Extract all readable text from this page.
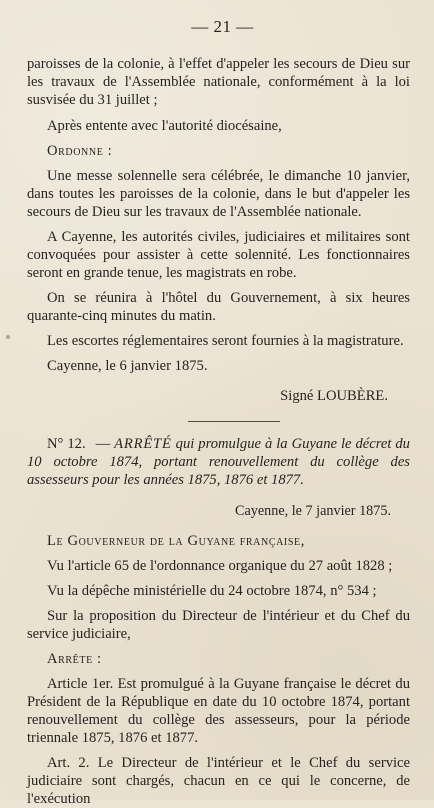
— 21 —

paroisses de la colonie, à l'effet d'appeler les secours de Dieu sur les travaux de l'Assemblée nationale, conformément à la loi susvisée du 31 juillet ;

Après entente avec l'autorité diocésaine,

Ordonne :

Une messe solennelle sera célébrée, le dimanche 10 janvier, dans toutes les paroisses de la colonie, dans le but d'appeler les secours de Dieu sur les travaux de l'Assemblée nationale.

A Cayenne, les autorités civiles, judiciaires et militaires sont convoquées pour assister à cette solennité. Les fonctionnaires seront en grande tenue, les magistrats en robe.

On se réunira à l'hôtel du Gouvernement, à six heures quarante-cinq minutes du matin.

Les escortes réglementaires seront fournies à la magistrature.

Cayenne, le 6 janvier 1875.

Signé LOUBÈRE.

N° 12. — ARRÊTÉ qui promulgue à la Guyane le décret du 10 octobre 1874, portant renouvellement du collège des assesseurs pour les années 1875, 1876 et 1877.

Cayenne, le 7 janvier 1875.

Le Gouverneur de la Guyane française,

Vu l'article 65 de l'ordonnance organique du 27 août 1828 ;

Vu la dépêche ministérielle du 24 octobre 1874, n° 534 ;

Sur la proposition du Directeur de l'intérieur et du Chef du service judiciaire,

Arrête :

Article 1er. Est promulgué à la Guyane française le décret du Président de la République en date du 10 octobre 1874, portant renouvellement du collège des assesseurs, pour la période triennale 1875, 1876 et 1877.

Art. 2. Le Directeur de l'intérieur et le Chef du service judiciaire sont chargés, chacun en ce qui le concerne, de l'exécution
